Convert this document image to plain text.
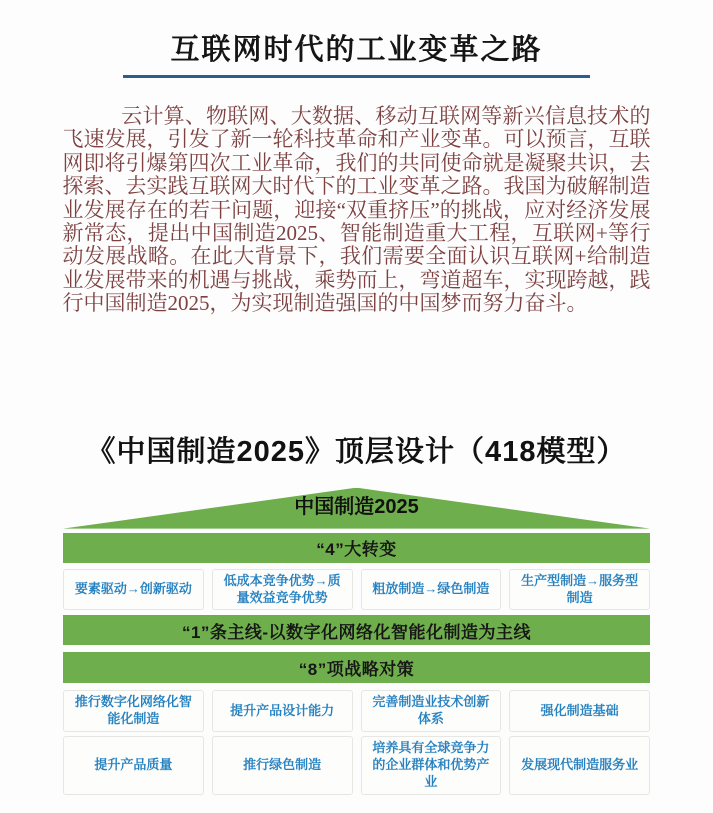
互联网时代的工业变革之路

云计算、物联网、大数据、移动互联网等新兴信息技术的飞速发展，引发了新一轮科技革命和产业变革。可以预言，互联网即将引爆第四次工业革命，我们的共同使命就是凝聚共识，去探索、去实践互联网大时代下的工业变革之路。我国为破解制造业发展存在的若干问题，迎接“双重挤压”的挑战，应对经济发展新常态，提出中国制造2025、智能制造重大工程，互联网+等行动发展战略。在此大背景下，我们需要全面认识互联网+给制造业发展带来的机遇与挑战，乘势而上，弯道超车，实现跨越，践行中国制造2025，为实现制造强国的中国梦而努力奋斗。

《中国制造2025》顶层设计（418模型）
中国制造2025
“4”大转变
要素驱动→创新驱动
低成本竞争优势→质量效益竞争优势
粗放制造→绿色制造
生产型制造→服务型制造
“1”条主线-以数字化网络化智能化制造为主线
“8”项战略对策
推行数字化网络化智能化制造
提升产品设计能力
完善制造业技术创新体系
强化制造基础
提升产品质量	推行绿色制造
培养具有全球竞争力的企业群体和优势产业
发展现代制造服务业
